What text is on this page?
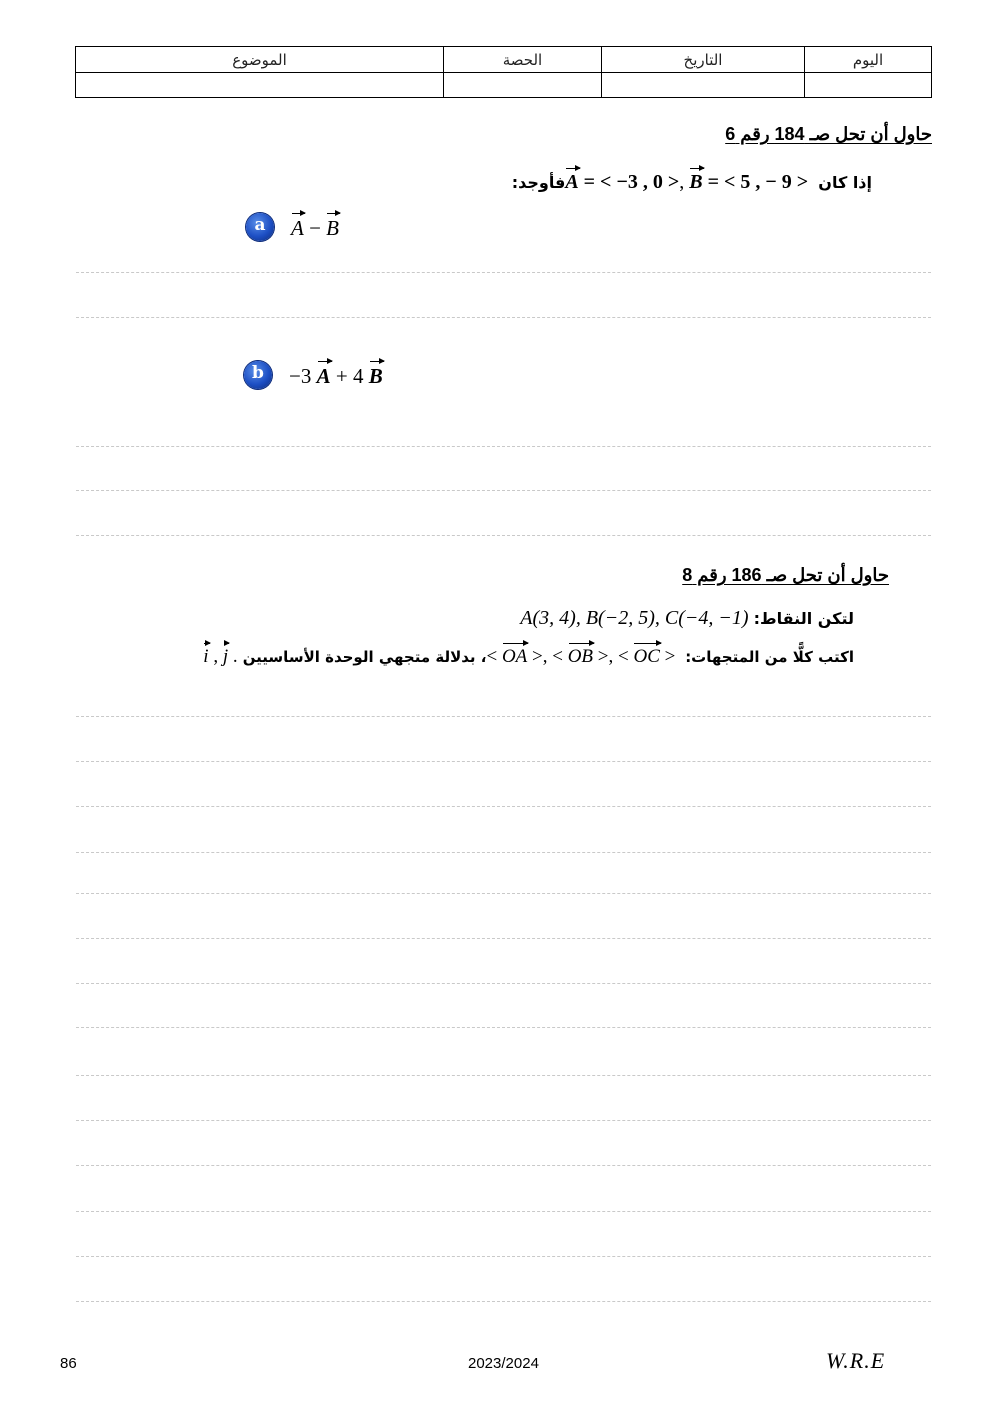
الموضوع	الحصة	التاريخ	اليوم

حاول أن تحل صـ 184 رقم 6
إذا كان A = < −3 , 0 >, B = < 5 , − 9 > فأوجد:
a A − B
b −3 A + 4 B
حاول أن تحل صـ 186 رقم 8
لتكن النقاط: A(3, 4), B(−2, 5), C(−4, −1)
اكتب كلًّا من المتجهات: < OA >, < OB >, < OC > ، بدلالة متجهي الوحدة الأساسيين i , j .
86	2023/2024	W.R.E
